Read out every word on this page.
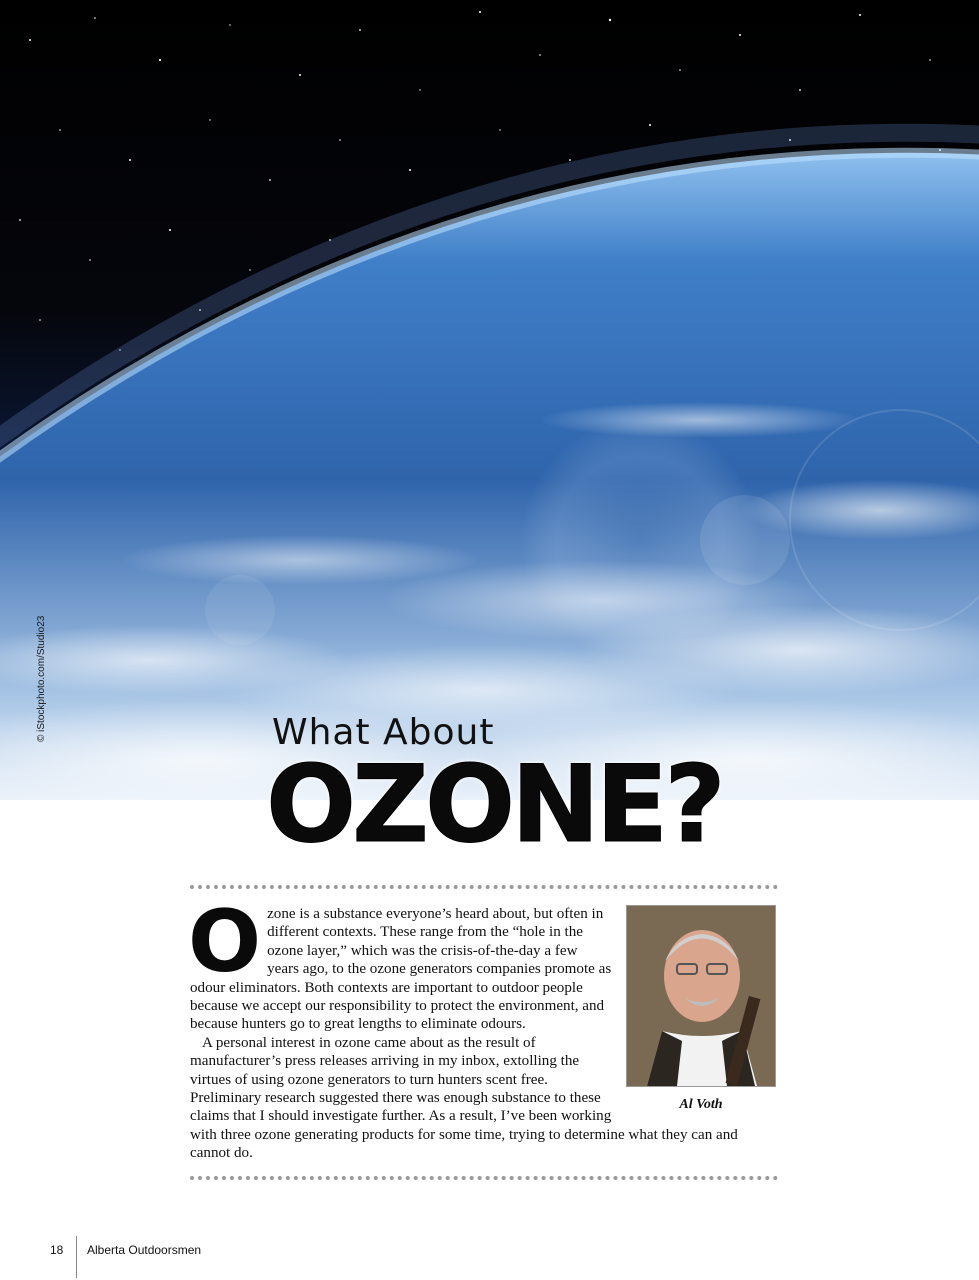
© iStockphoto.com/Studio23	What About
OZONE?
Al Voth
O zone is a substance everyone’s heard about, but often in different contexts. These range from the “hole in the ozone layer,” which was the crisis-of-the-day a few years ago, to the ozone generators companies promote as odour eliminators. Both contexts are important to outdoor people because we accept our responsibility to protect the environment, and because hunters go to great lengths to eliminate odours.

A personal interest in ozone came about as the result of manufacturer’s press releases arriving in my inbox, extolling the virtues of using ozone generators to turn hunters scent free. Preliminary research suggested there was enough substance to these claims that I should investigate further. As a result, I’ve been working with three ozone generating products for some time, trying to determine what they can and cannot do.

18 Alberta Outdoorsmen
